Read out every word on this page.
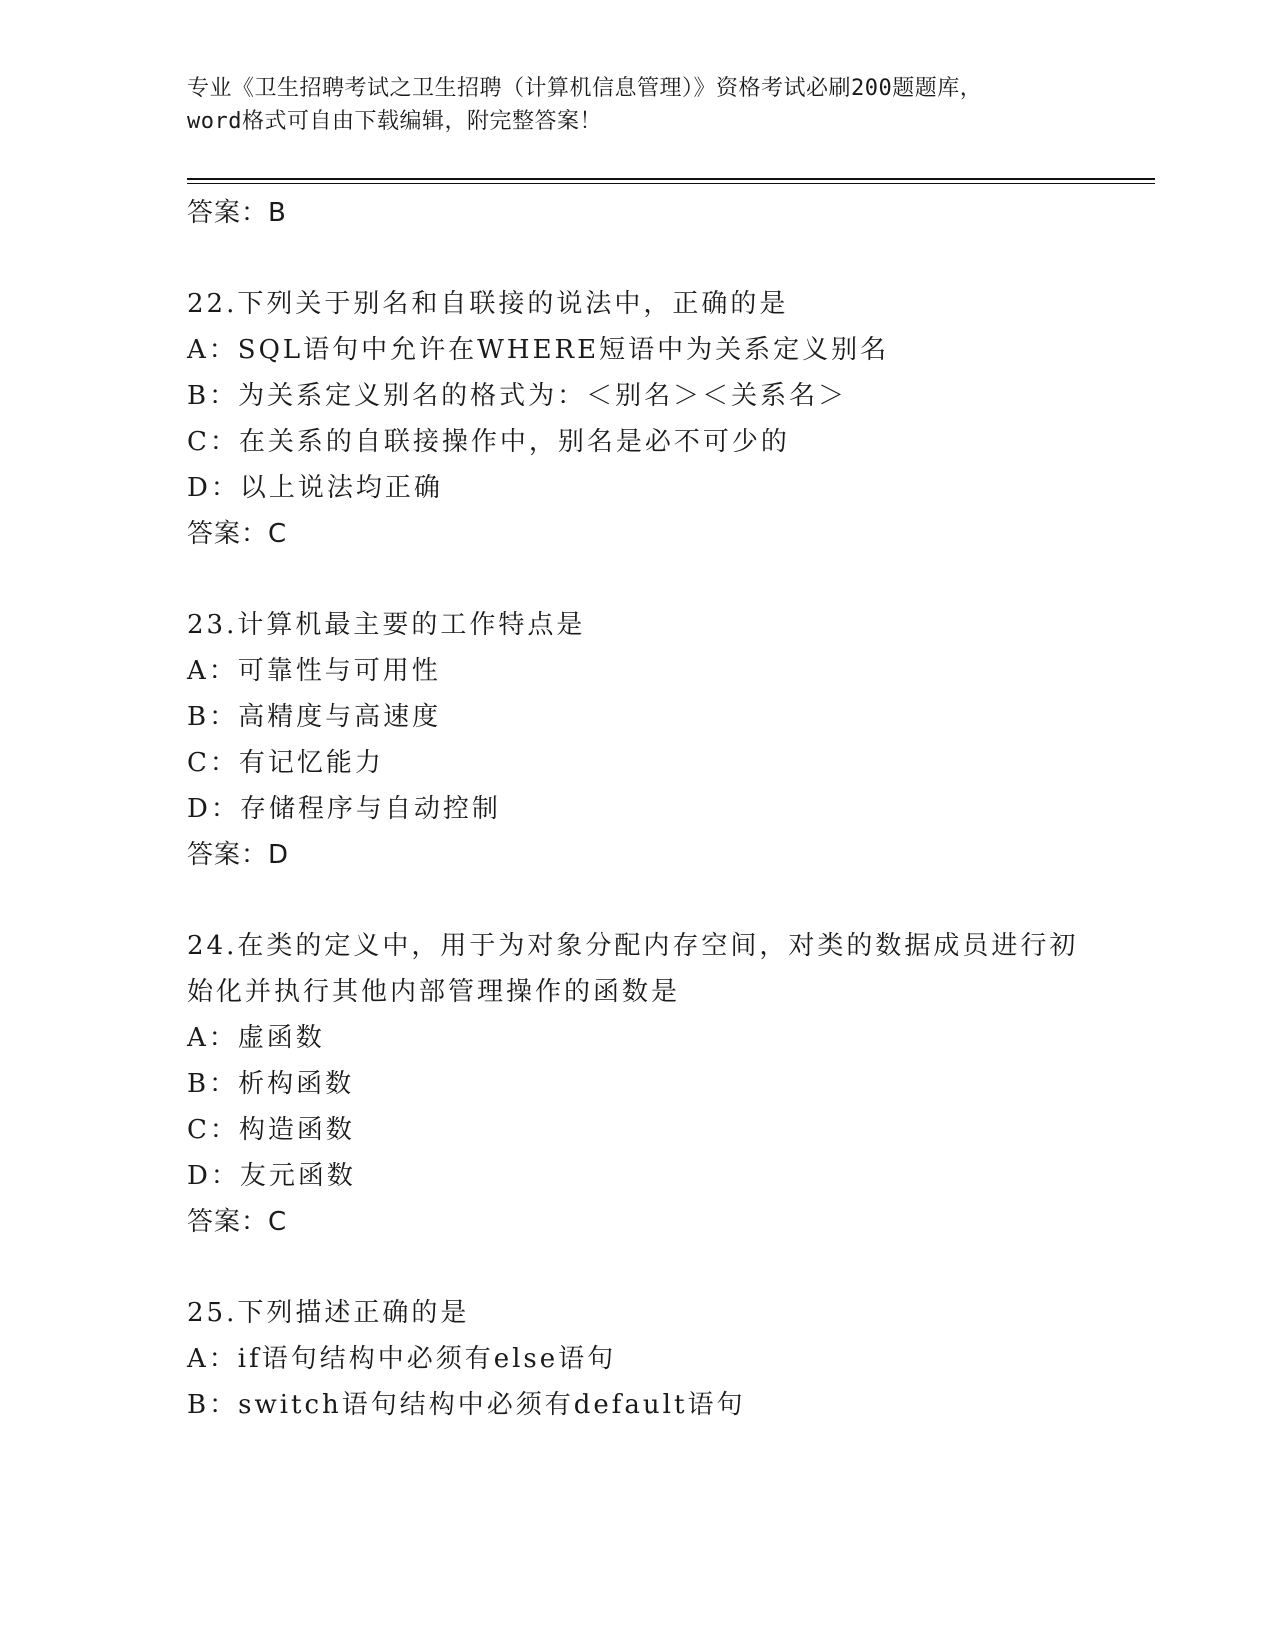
专业《卫生招聘考试之卫生招聘（计算机信息管理）》资格考试必刷200题题库，
word格式可自由下载编辑，附完整答案！
答案：B
22.下列关于别名和自联接的说法中，正确的是
A：SQL语句中允许在WHERE短语中为关系定义别名
B：为关系定义别名的格式为：＜别名＞＜关系名＞
C：在关系的自联接操作中，别名是必不可少的
D：以上说法均正确
答案：C
23.计算机最主要的工作特点是
A：可靠性与可用性
B：高精度与高速度
C：有记忆能力
D：存储程序与自动控制
答案：D
24.在类的定义中，用于为对象分配内存空间，对类的数据成员进行初
始化并执行其他内部管理操作的函数是
A：虚函数
B：析构函数
C：构造函数
D：友元函数
答案：C
25.下列描述正确的是
A：if语句结构中必须有else语句
B：switch语句结构中必须有default语句
